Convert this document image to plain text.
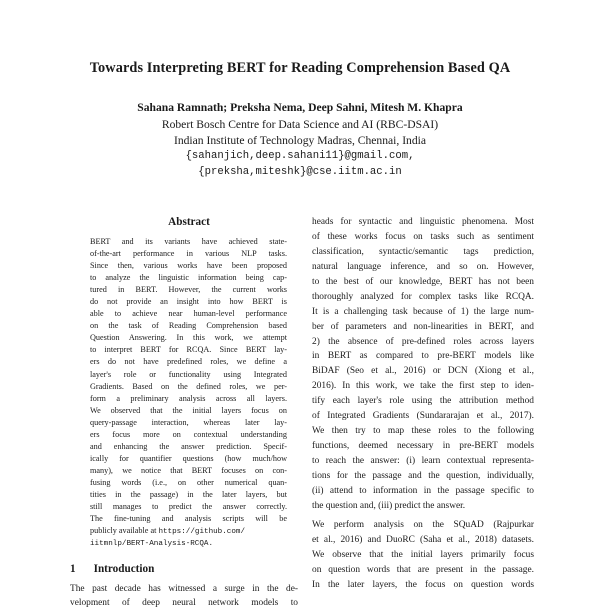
Towards Interpreting BERT for Reading Comprehension Based QA
Sahana Ramnath; Preksha Nema, Deep Sahni, Mitesh M. Khapra
Robert Bosch Centre for Data Science and AI (RBC-DSAI)
Indian Institute of Technology Madras, Chennai, India
{sahanjich,deep.sahani11}@gmail.com,
{preksha,miteshk}@cse.iitm.ac.in
Abstract
BERT and its variants have achieved state-
of-the-art performance in various NLP tasks.
Since then, various works have been proposed
to analyze the linguistic information being cap-
tured in BERT. However, the current works
do not provide an insight into how BERT is
able to achieve near human-level performance
on the task of Reading Comprehension based
Question Answering. In this work, we attempt
to interpret BERT for RCQA. Since BERT lay-
ers do not have predefined roles, we define a
layer's role or functionality using Integrated
Gradients. Based on the defined roles, we per-
form a preliminary analysis across all layers.
We observed that the initial layers focus on
query-passage interaction, whereas later lay-
ers focus more on contextual understanding
and enhancing the answer prediction. Specif-
ically for quantifier questions (how much/how
many), we notice that BERT focuses on con-
fusing words (i.e., on other numerical quan-
tities in the passage) in the later layers, but
still manages to predict the answer correctly.
The fine-tuning and analysis scripts will be
publicly available at https://github.com/
iitmnlp/BERT-Analysis-RCQA.
1 Introduction
The past decade has witnessed a surge in the de-
velopment of deep neural network models to
heads for syntactic and linguistic phenomena. Most
of these works focus on tasks such as sentiment
classification, syntactic/semantic tags prediction,
natural language inference, and so on. However,
to the best of our knowledge, BERT has not been
thoroughly analyzed for complex tasks like RCQA.
It is a challenging task because of 1) the large num-
ber of parameters and non-linearities in BERT, and
2) the absence of pre-defined roles across layers
in BERT as compared to pre-BERT models like
BiDAF (Seo et al., 2016) or DCN (Xiong et al.,
2016). In this work, we take the first step to iden-
tify each layer's role using the attribution method
of Integrated Gradients (Sundararajan et al., 2017).
We then try to map these roles to the following
functions, deemed necessary in pre-BERT models
to reach the answer: (i) learn contextual representa-
tions for the passage and the question, individually,
(ii) attend to information in the passage specific to
the question and, (iii) predict the answer.
We perform analysis on the SQuAD (Rajpurkar
et al., 2016) and DuoRC (Saha et al., 2018) datasets.
We observe that the initial layers primarily focus
on question words that are present in the passage.
In the later layers, the focus on question words
